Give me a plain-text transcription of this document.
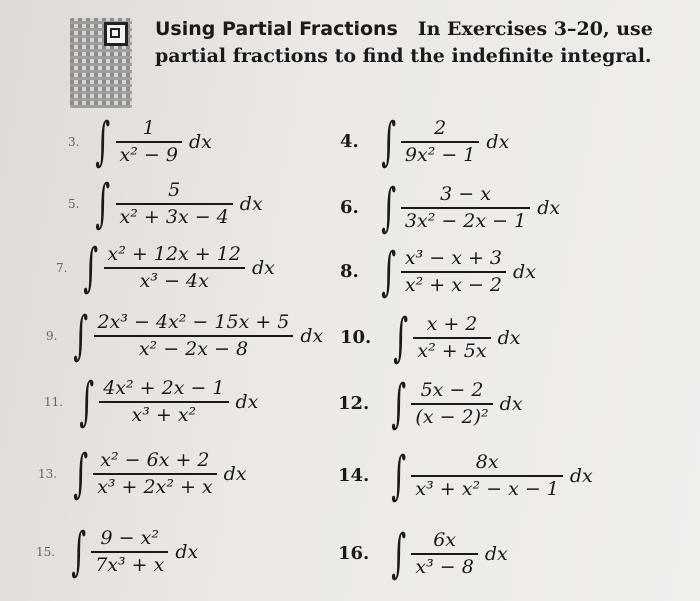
Using Partial Fractions In Exercises 3–20, use partial fractions to find the indefinite integral.
3. ∫ $\frac{1}{\text{x² − 9}}$ dx	4. ∫ $\frac{2}{\text{9x² − 1}}$ dx
5. ∫ $\frac{5}{\text{x² + 3x − 4}}$ dx	6. ∫ $\frac{3 - x}{\text{3x² − 2x − 1}}$ dx
7. ∫ $\frac{\text{x² + 12x + 12}}{\text{x³ − 4x}}$ dx	8. ∫ $\frac{\text{x³ − x + 3}}{\text{x² + x − 2}}$ dx
9. ∫ $\frac{\text{2x³ − 4x² − 15x + 5}}{\text{x² − 2x − 8}}$ dx 10. ∫ $\frac{x + 2}{\text{x² + 5x}}$ dx
11. ∫ $\frac{\text{4x² + 2x − 1}}{\text{x³ + x²}}$ dx	12. ∫ $\frac{5x - 2}{\text{(x − 2)²}}$ dx
13. ∫ $\frac{\text{x² − 6x + 2}}{\text{x³ + 2x² + x}}$ dx	14. ∫ $\frac{8x}{\text{x³ + x² − x − 1}}$ dx
15. ∫ $\frac{\text{9 − x²}}{\text{7x³ + x}}$ dx	16. ∫ $\frac{6x}{\text{x³ − 8}}$ dx
